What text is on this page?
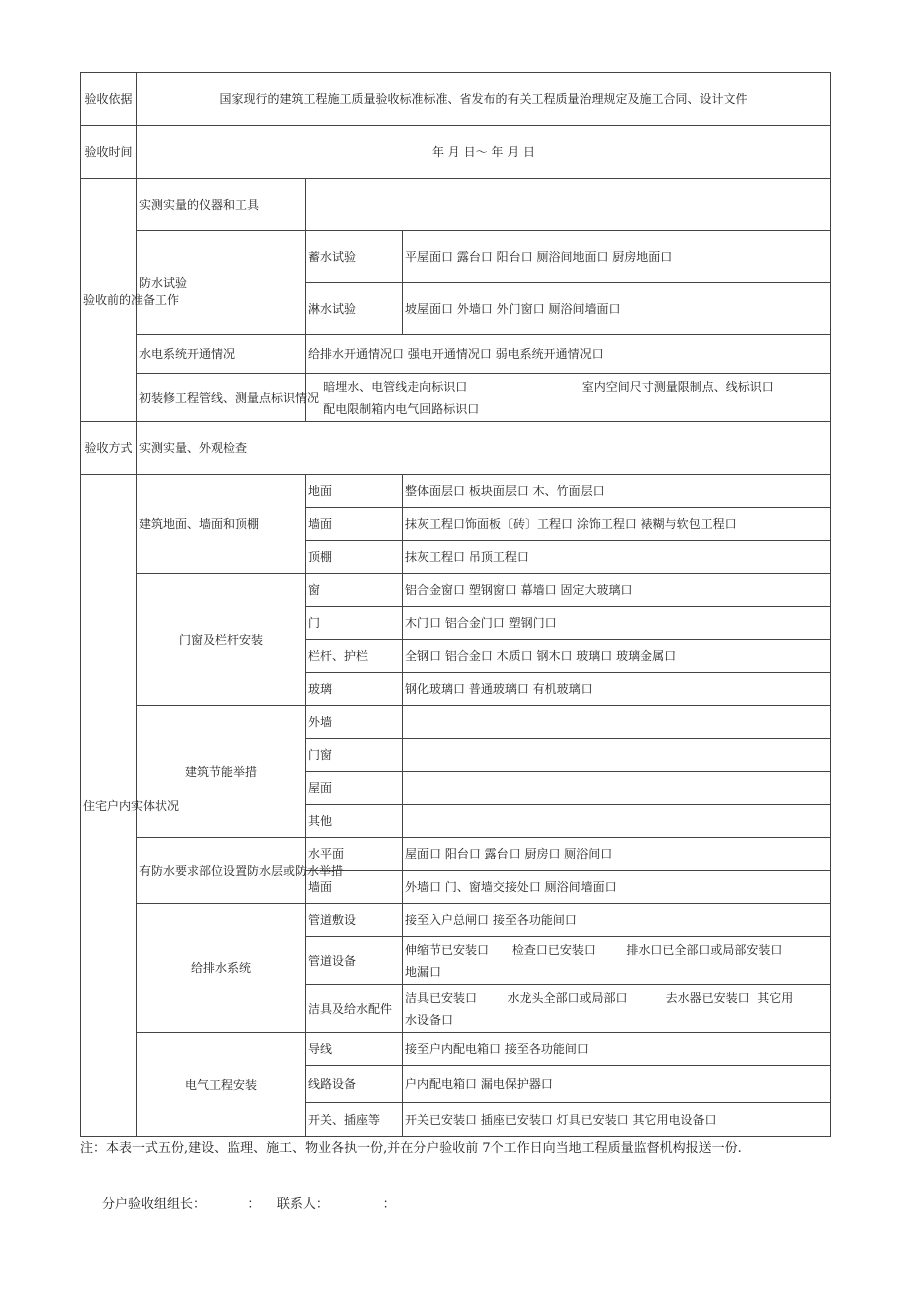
验收依据	国家现行的建筑工程施工质量验收标准标准、省发布的有关工程质量治理规定及施工合同、设计文件		
验收时间	年 月 日～ 年 月 日		
验收前的准备工作	实测实量的仪器和工具		
	防水试验	蓄水试验	平屋面口 露台口 阳台口 厕浴间地面口 厨房地面口
		淋水试验	坡屋面口 外墙口 外门窗口 厕浴间墙面口
	水电系统开通情况	给排水开通情况口 强电开通情况口 弱电系统开通情况口	
	初装修工程管线、测量点标识情况	暗埋水、电管线走向标识口                              室内空间尺寸测量限制点、线标识口
配电限制箱内电气回路标识口	

验收方式	实测实量、外观检查		
住宅户内实体状况	建筑地面、墙面和顶棚	地面	整体面层口 板块面层口 木、竹面层口
		墙面	抹灰工程口饰面板〔砖〕工程口 涂饰工程口 裱糊与软包工程口
		顶棚	抹灰工程口 吊顶工程口
	门窗及栏杆安装	窗	铝合金窗口 塑钢窗口 幕墙口 固定大玻璃口
		门	木门口 铝合金门口 塑钢门口
		栏杆、护栏	全钢口 铝合金口 木质口 钢木口 玻璃口 玻璃金属口
		玻璃	钢化玻璃口 普通玻璃口 有机玻璃口
	建筑节能举措	外墙	
		门窗	
		屋面	
		其他	
	有防水要求部位设置防水层或防水举措	水平面	屋面口 阳台口 露台口 厨房口 厕浴间口
		墙面	外墙口 门、窗墙交接处口 厕浴间墙面口
	给排水系统	管道敷设	接至入户总闸口 接至各功能间口
		管道设备	伸缩节已安装口      检查口已安装口        排水口已全部口或局部安装口
地漏口

		洁具及给水配件	洁具已安装口        水龙头全部口或局部口          去水器已安装口  其它用
水设备口

	电气工程安装	导线	接至户内配电箱口 接至各功能间口
		线路设备	户内配电箱口 漏电保护器口
		开关、插座等	开关已安装口 插座已安装口 灯具已安装口 其它用电设备口
注：本表一式五份,建设、监理、施工、物业各执一份,并在分户验收前 7个工作日向当地工程质量监督机构报送一份.
分户验收组组长：          ：    联系人：             ：
